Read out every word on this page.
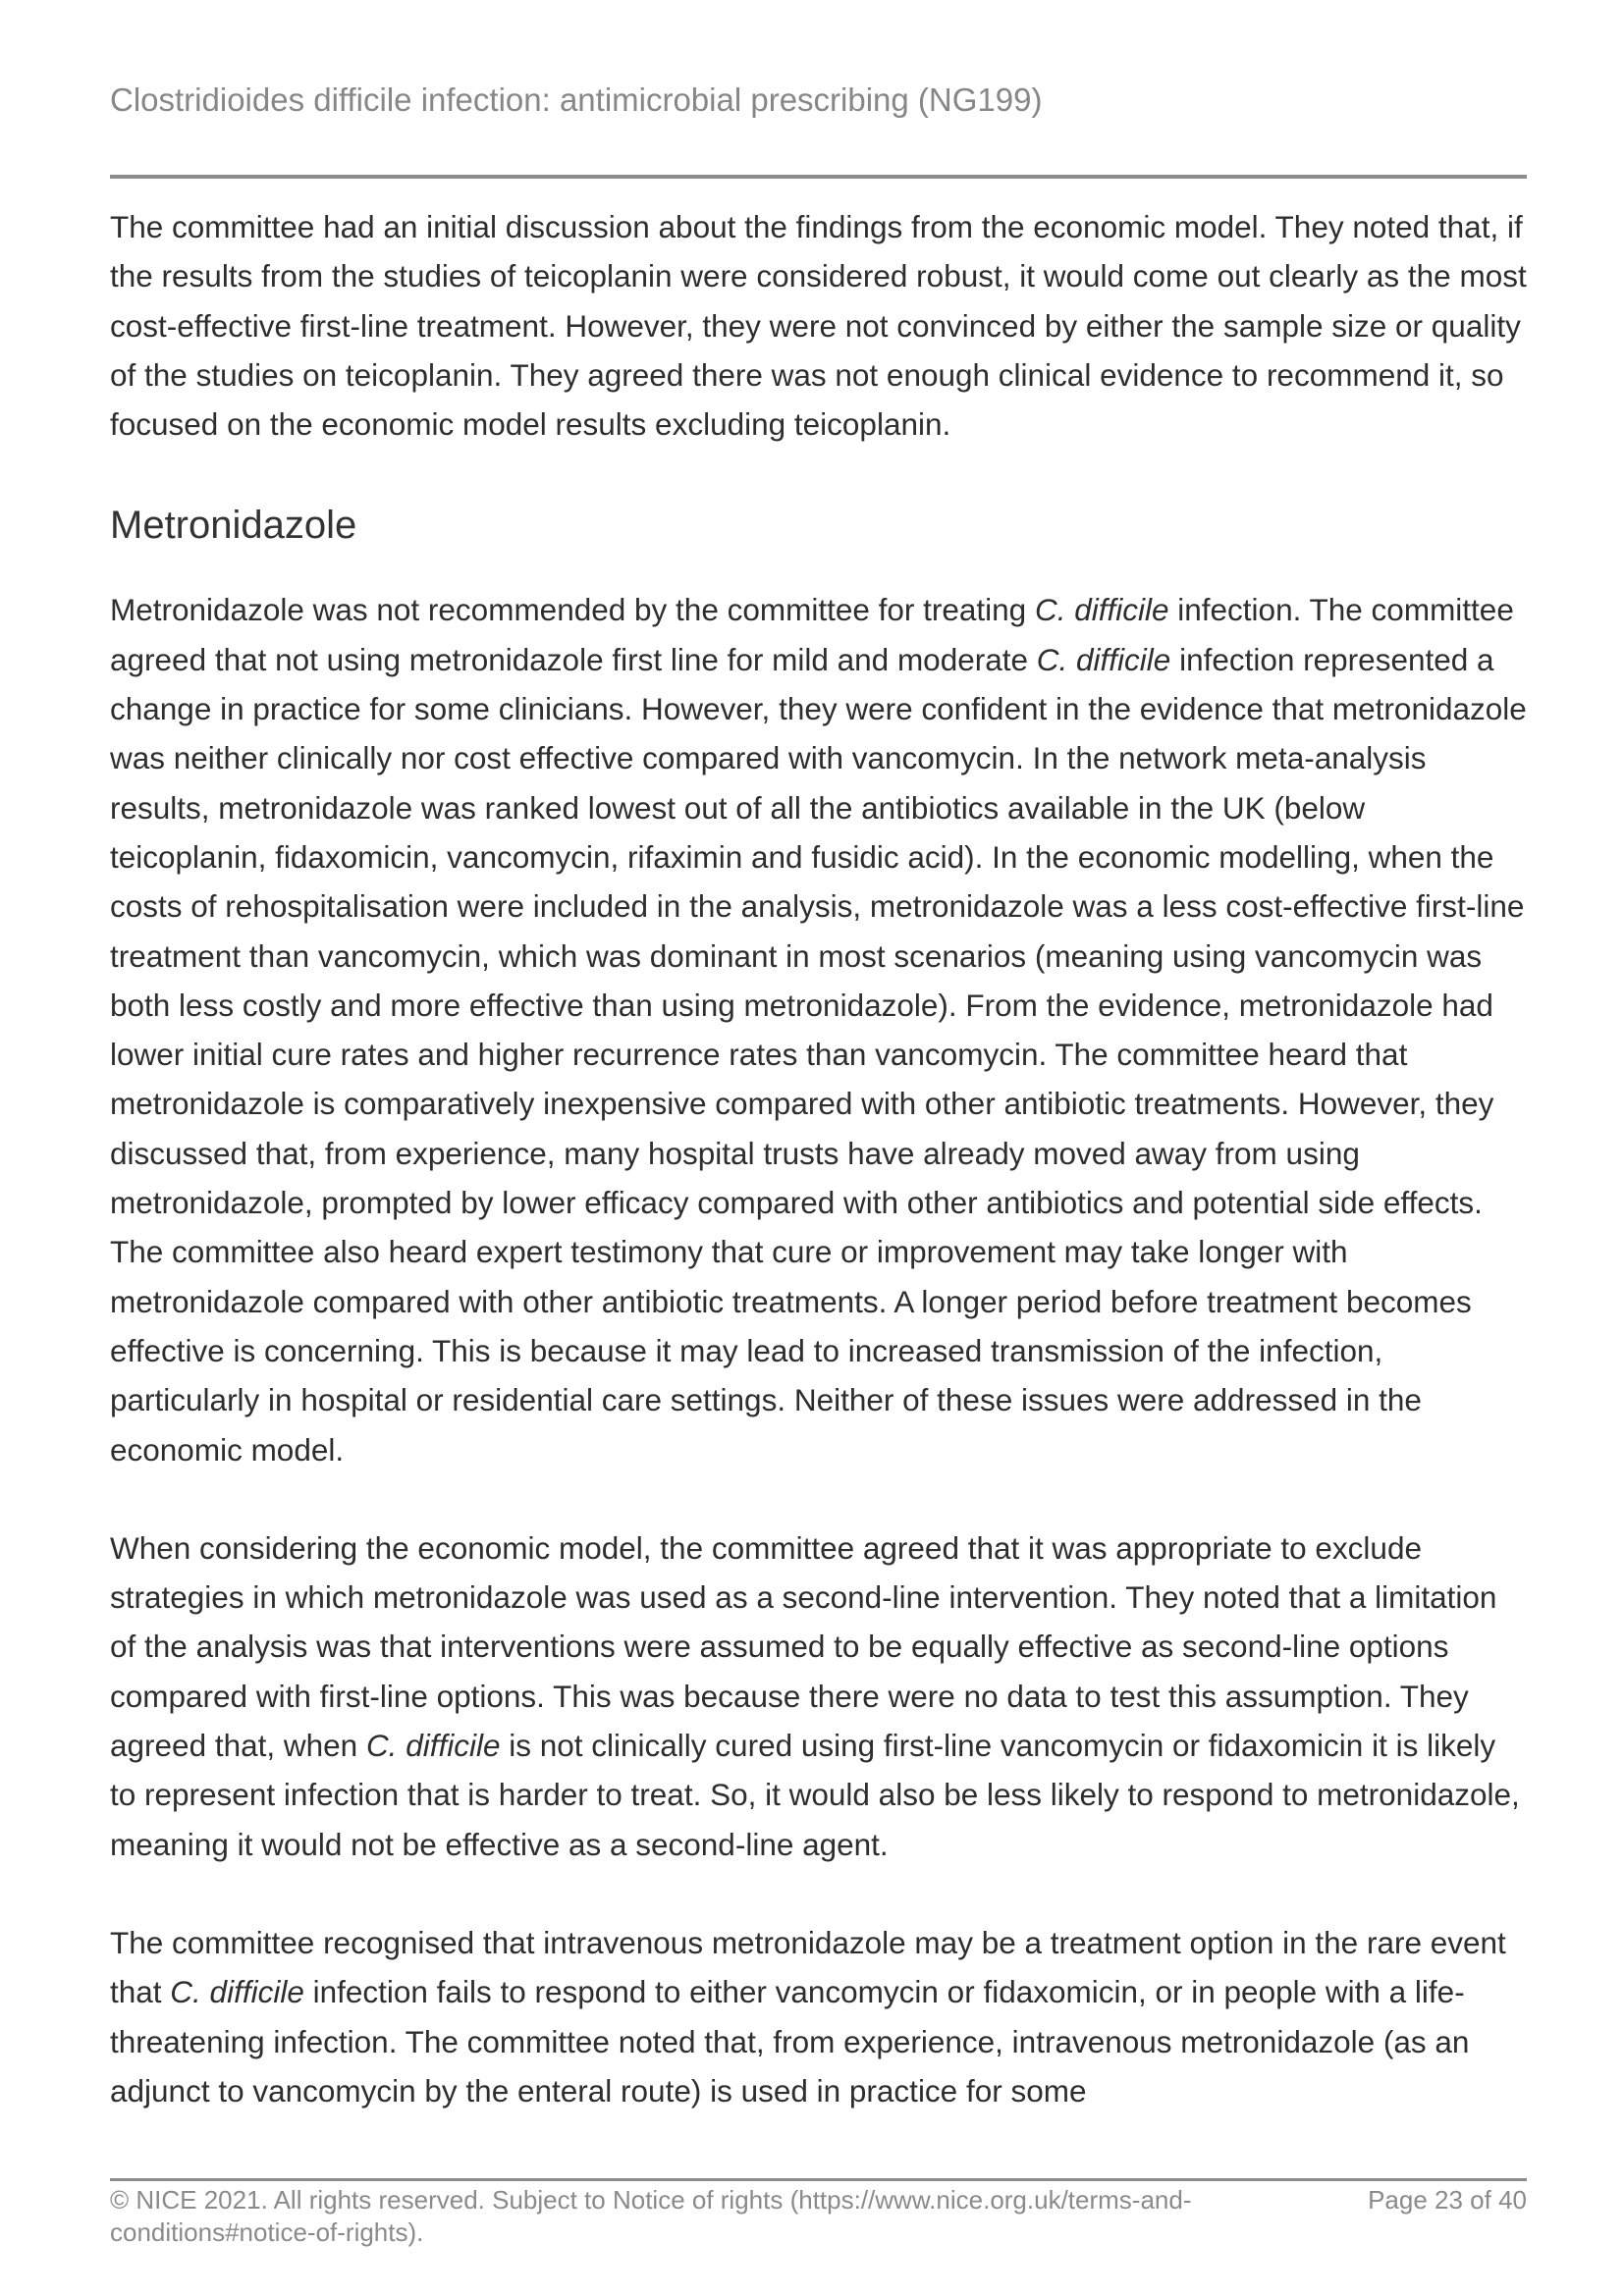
Clostridioides difficile infection: antimicrobial prescribing (NG199)

The committee had an initial discussion about the findings from the economic model. They noted that, if the results from the studies of teicoplanin were considered robust, it would come out clearly as the most cost-effective first-line treatment. However, they were not convinced by either the sample size or quality of the studies on teicoplanin. They agreed there was not enough clinical evidence to recommend it, so focused on the economic model results excluding teicoplanin.

Metronidazole

Metronidazole was not recommended by the committee for treating C. difficile infection. The committee agreed that not using metronidazole first line for mild and moderate C. difficile infection represented a change in practice for some clinicians. However, they were confident in the evidence that metronidazole was neither clinically nor cost effective compared with vancomycin. In the network meta-analysis results, metronidazole was ranked lowest out of all the antibiotics available in the UK (below teicoplanin, fidaxomicin, vancomycin, rifaximin and fusidic acid). In the economic modelling, when the costs of rehospitalisation were included in the analysis, metronidazole was a less cost-effective first-line treatment than vancomycin, which was dominant in most scenarios (meaning using vancomycin was both less costly and more effective than using metronidazole). From the evidence, metronidazole had lower initial cure rates and higher recurrence rates than vancomycin. The committee heard that metronidazole is comparatively inexpensive compared with other antibiotic treatments. However, they discussed that, from experience, many hospital trusts have already moved away from using metronidazole, prompted by lower efficacy compared with other antibiotics and potential side effects. The committee also heard expert testimony that cure or improvement may take longer with metronidazole compared with other antibiotic treatments. A longer period before treatment becomes effective is concerning. This is because it may lead to increased transmission of the infection, particularly in hospital or residential care settings. Neither of these issues were addressed in the economic model.

When considering the economic model, the committee agreed that it was appropriate to exclude strategies in which metronidazole was used as a second-line intervention. They noted that a limitation of the analysis was that interventions were assumed to be equally effective as second-line options compared with first-line options. This was because there were no data to test this assumption. They agreed that, when C. difficile is not clinically cured using first-line vancomycin or fidaxomicin it is likely to represent infection that is harder to treat. So, it would also be less likely to respond to metronidazole, meaning it would not be effective as a second-line agent.

The committee recognised that intravenous metronidazole may be a treatment option in the rare event that C. difficile infection fails to respond to either vancomycin or fidaxomicin, or in people with a life-threatening infection. The committee noted that, from experience, intravenous metronidazole (as an adjunct to vancomycin by the enteral route) is used in practice for some

© NICE 2021. All rights reserved. Subject to Notice of rights (https://www.nice.org.uk/terms-and-conditions#notice-of-rights).
Page 23 of 40
